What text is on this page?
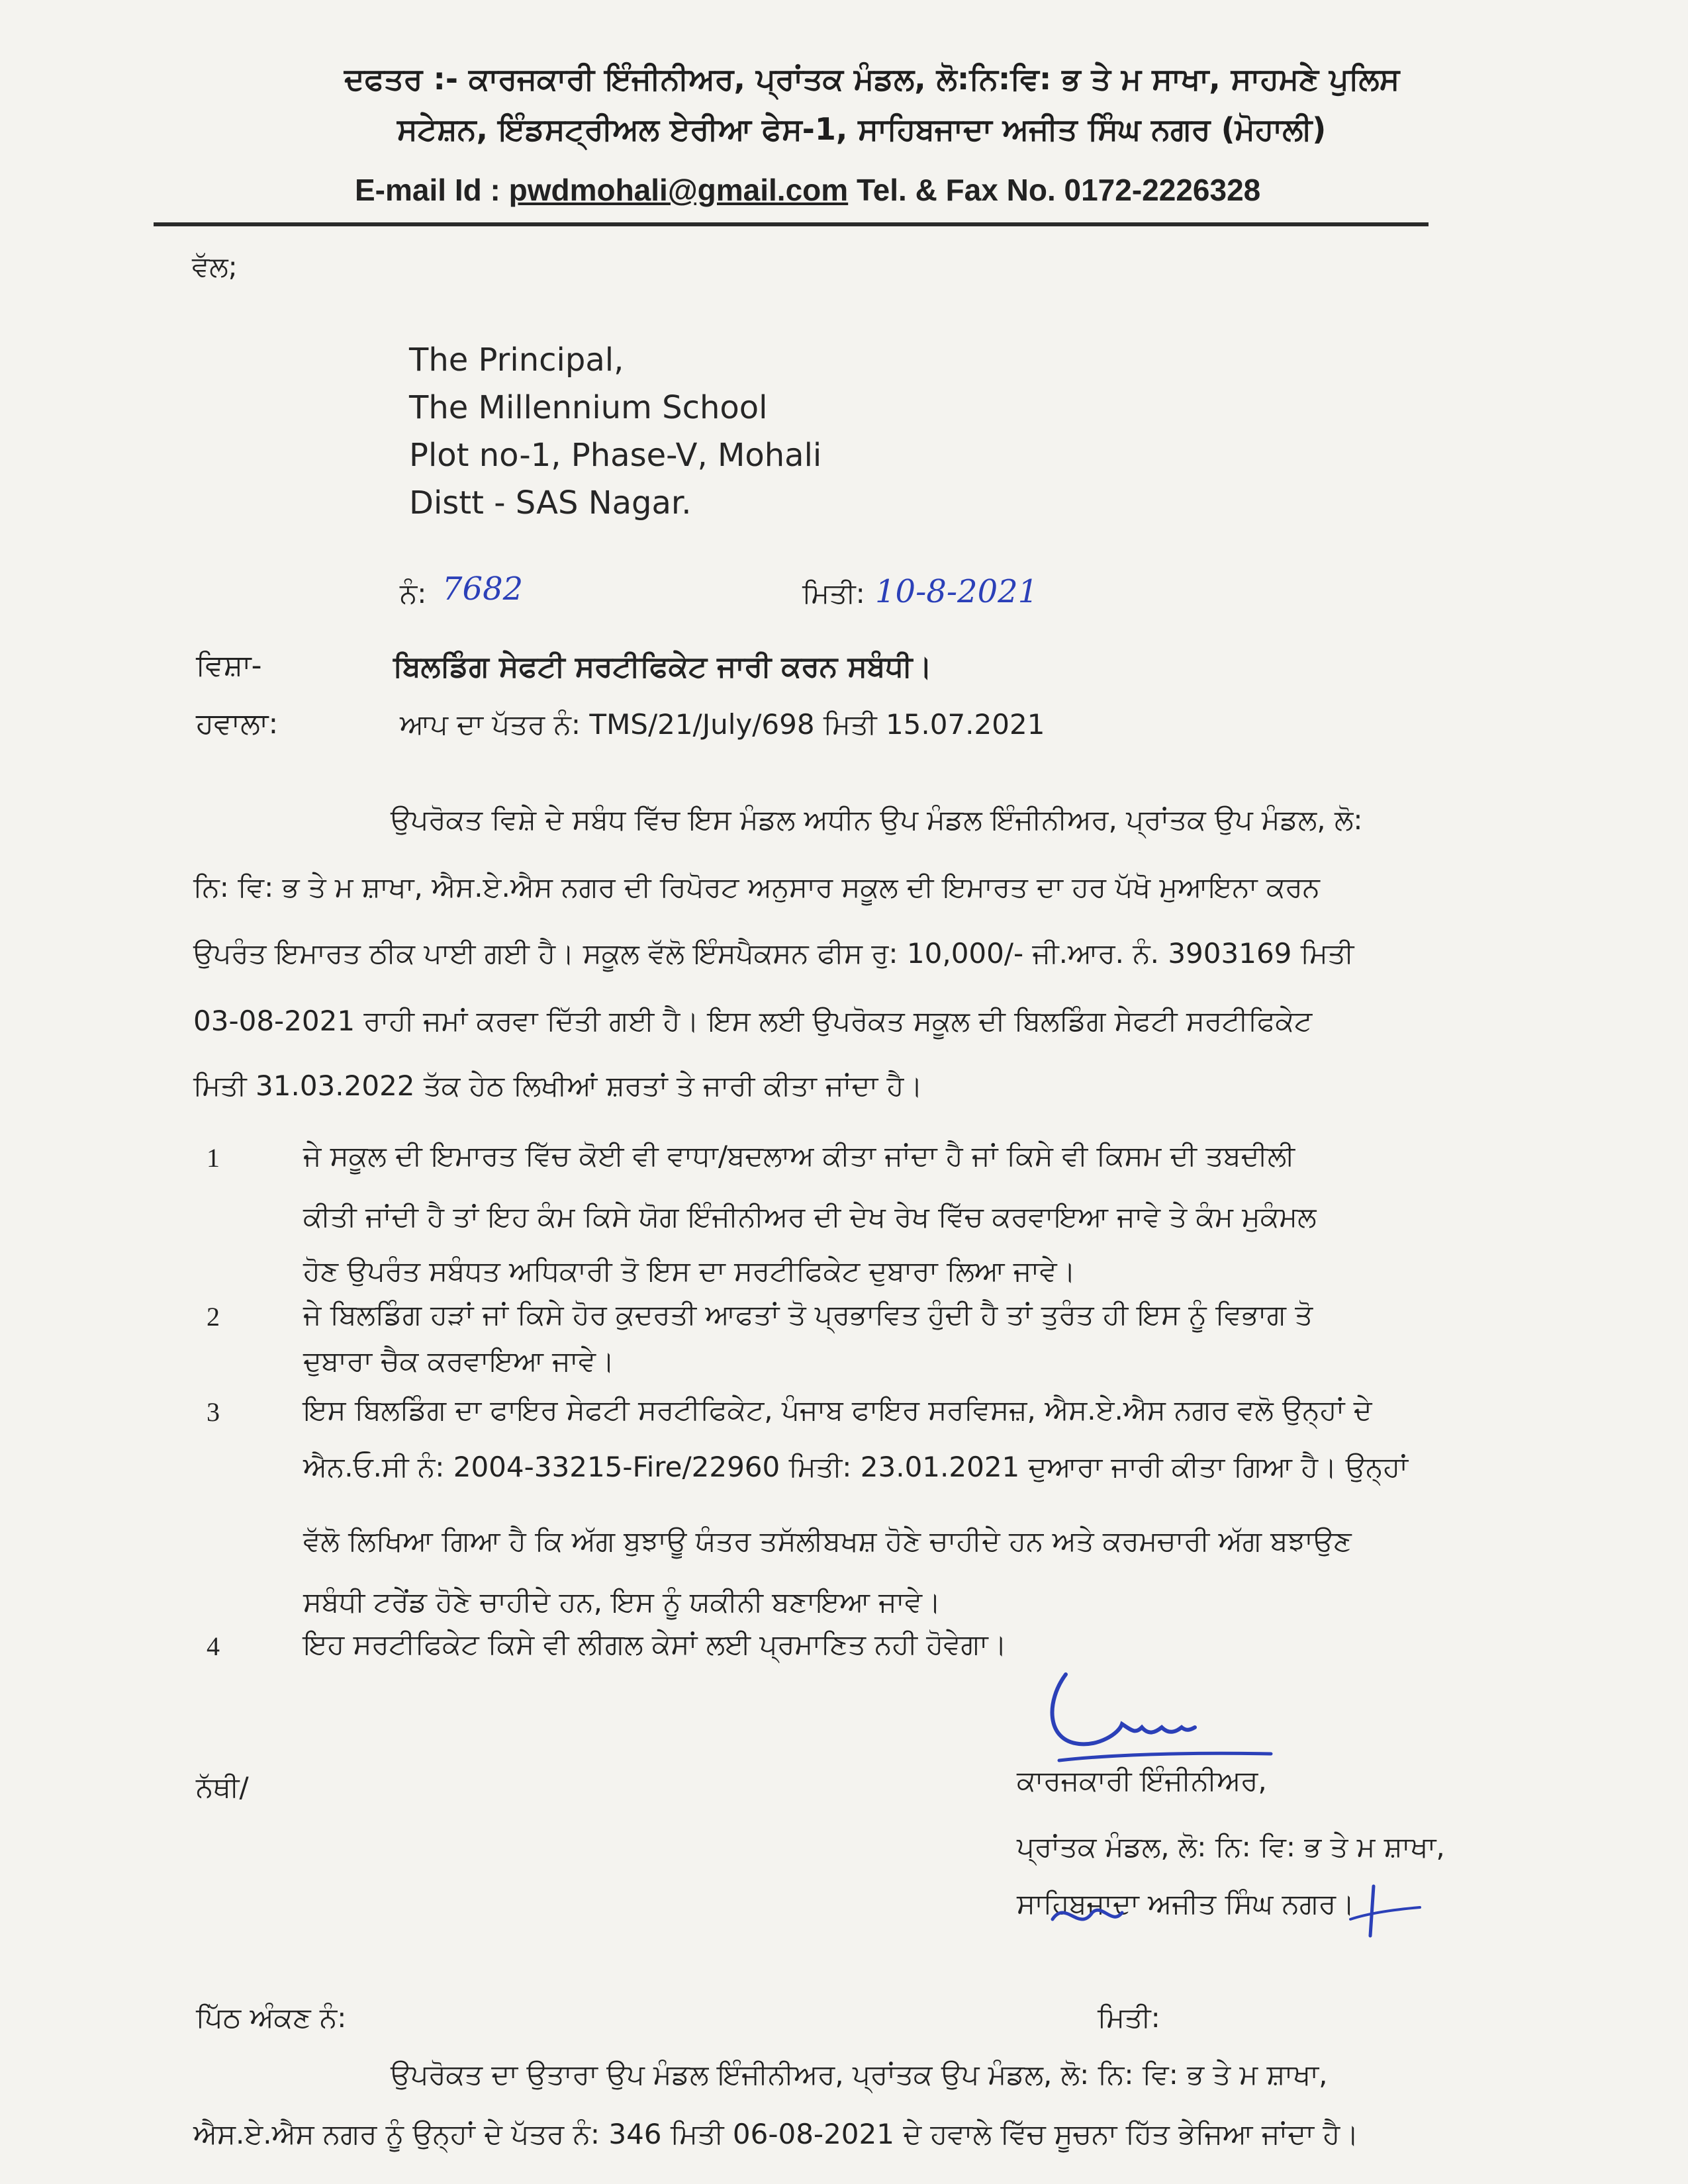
ਦਫਤਰ :- ਕਾਰਜਕਾਰੀ ਇੰਜੀਨੀਅਰ, ਪ੍ਰਾਂਤਕ ਮੰਡਲ, ਲੋ:ਨਿ:ਵਿ: ਭ ਤੇ ਮ ਸਾਖਾ, ਸਾਹਮਣੇ ਪੁਲਿਸ
ਸਟੇਸ਼ਨ, ਇੰਡਸਟ੍ਰੀਅਲ ਏਰੀਆ ਫੇਸ-1, ਸਾਹਿਬਜਾਦਾ ਅਜੀਤ ਸਿੰਘ ਨਗਰ (ਮੋਹਾਲੀ)
E-mail Id : pwdmohali@gmail.com Tel. & Fax No. 0172-2226328
ਵੱਲ;
The Principal,
The Millennium School
Plot no-1, Phase-V, Mohali
Distt - SAS Nagar.
ਨੰ: 7682	ਮਿਤੀ: 10-8-2021
ਵਿਸ਼ਾ-	ਬਿਲਡਿੰਗ ਸੇਫਟੀ ਸਰਟੀਫਿਕੇਟ ਜਾਰੀ ਕਰਨ ਸਬੰਧੀ।
ਹਵਾਲਾ:	ਆਪ ਦਾ ਪੱਤਰ ਨੰ: TMS/21/July/698 ਮਿਤੀ 15.07.2021
ਉਪਰੋਕਤ ਵਿਸ਼ੇ ਦੇ ਸਬੰਧ ਵਿੱਚ ਇਸ ਮੰਡਲ ਅਧੀਨ ਉਪ ਮੰਡਲ ਇੰਜੀਨੀਅਰ, ਪ੍ਰਾਂਤਕ ਉਪ ਮੰਡਲ, ਲੋ:
ਨਿ: ਵਿ: ਭ ਤੇ ਮ ਸ਼ਾਖਾ, ਐਸ.ਏ.ਐਸ ਨਗਰ ਦੀ ਰਿਪੋਰਟ ਅਨੁਸਾਰ ਸਕੂਲ ਦੀ ਇਮਾਰਤ ਦਾ ਹਰ ਪੱਖੋ ਮੁਆਇਨਾ ਕਰਨ
ਉਪਰੰਤ ਇਮਾਰਤ ਠੀਕ ਪਾਈ ਗਈ ਹੈ। ਸਕੂਲ ਵੱਲੋ ਇੰਸਪੈਕਸਨ ਫੀਸ ਰੁ: 10,000/- ਜੀ.ਆਰ. ਨੰ. 3903169 ਮਿਤੀ
03-08-2021 ਰਾਹੀ ਜਮਾਂ ਕਰਵਾ ਦਿੱਤੀ ਗਈ ਹੈ। ਇਸ ਲਈ ਉਪਰੋਕਤ ਸਕੂਲ ਦੀ ਬਿਲਡਿੰਗ ਸੇਫਟੀ ਸਰਟੀਫਿਕੇਟ
ਮਿਤੀ 31.03.2022 ਤੱਕ ਹੇਠ ਲਿਖੀਆਂ ਸ਼ਰਤਾਂ ਤੇ ਜਾਰੀ ਕੀਤਾ ਜਾਂਦਾ ਹੈ।
1	ਜੇ ਸਕੂਲ ਦੀ ਇਮਾਰਤ ਵਿੱਚ ਕੋਈ ਵੀ ਵਾਧਾ/ਬਦਲਾਅ ਕੀਤਾ ਜਾਂਦਾ ਹੈ ਜਾਂ ਕਿਸੇ ਵੀ ਕਿਸਮ ਦੀ ਤਬਦੀਲੀ
ਕੀਤੀ ਜਾਂਦੀ ਹੈ ਤਾਂ ਇਹ ਕੰਮ ਕਿਸੇ ਯੋਗ ਇੰਜੀਨੀਅਰ ਦੀ ਦੇਖ ਰੇਖ ਵਿੱਚ ਕਰਵਾਇਆ ਜਾਵੇ ਤੇ ਕੰਮ ਮੁਕੰਮਲ
ਹੋਣ ਉਪਰੰਤ ਸਬੰਧਤ ਅਧਿਕਾਰੀ ਤੋ ਇਸ ਦਾ ਸਰਟੀਫਿਕੇਟ ਦੁਬਾਰਾ ਲਿਆ ਜਾਵੇ।
2	ਜੇ ਬਿਲਡਿੰਗ ਹੜਾਂ ਜਾਂ ਕਿਸੇ ਹੋਰ ਕੁਦਰਤੀ ਆਫਤਾਂ ਤੋ ਪ੍ਰਭਾਵਿਤ ਹੁੰਦੀ ਹੈ ਤਾਂ ਤੁਰੰਤ ਹੀ ਇਸ ਨੂੰ ਵਿਭਾਗ ਤੋ
ਦੁਬਾਰਾ ਚੈਕ ਕਰਵਾਇਆ ਜਾਵੇ।
3	ਇਸ ਬਿਲਡਿੰਗ ਦਾ ਫਾਇਰ ਸੇਫਟੀ ਸਰਟੀਫਿਕੇਟ, ਪੰਜਾਬ ਫਾਇਰ ਸਰਵਿਸਜ਼, ਐਸ.ਏ.ਐਸ ਨਗਰ ਵਲੋ ਉਨ੍ਹਾਂ ਦੇ
ਐਨ.ਓ.ਸੀ ਨੰ: 2004-33215-Fire/22960 ਮਿਤੀ: 23.01.2021 ਦੁਆਰਾ ਜਾਰੀ ਕੀਤਾ ਗਿਆ ਹੈ। ਉਨ੍ਹਾਂ
ਵੱਲੋ ਲਿਖਿਆ ਗਿਆ ਹੈ ਕਿ ਅੱਗ ਬੁਝਾਊ ਯੰਤਰ ਤਸੱਲੀਬਖਸ਼ ਹੋਣੇ ਚਾਹੀਦੇ ਹਨ ਅਤੇ ਕਰਮਚਾਰੀ ਅੱਗ ਬਝਾਉਣ
ਸਬੰਧੀ ਟਰੇਂਡ ਹੋਣੇ ਚਾਹੀਦੇ ਹਨ, ਇਸ ਨੂੰ ਯਕੀਨੀ ਬਣਾਇਆ ਜਾਵੇ।
4	ਇਹ ਸਰਟੀਫਿਕੇਟ ਕਿਸੇ ਵੀ ਲੀਗਲ ਕੇਸਾਂ ਲਈ ਪ੍ਰਮਾਣਿਤ ਨਹੀ ਹੋਵੇਗਾ।
ਨੱਥੀ/	ਕਾਰਜਕਾਰੀ ਇੰਜੀਨੀਅਰ,
ਪ੍ਰਾਂਤਕ ਮੰਡਲ, ਲੋ: ਨਿ: ਵਿ: ਭ ਤੇ ਮ ਸ਼ਾਖਾ,
ਸਾਹਿਬਜਾਦਾ ਅਜੀਤ ਸਿੰਘ ਨਗਰ।
ਪਿੱਠ ਅੰਕਣ ਨੰ:	ਮਿਤੀ:
ਉਪਰੋਕਤ ਦਾ ਉਤਾਰਾ ਉਪ ਮੰਡਲ ਇੰਜੀਨੀਅਰ, ਪ੍ਰਾਂਤਕ ਉਪ ਮੰਡਲ, ਲੋ: ਨਿ: ਵਿ: ਭ ਤੇ ਮ ਸ਼ਾਖਾ,
ਐਸ.ਏ.ਐਸ ਨਗਰ ਨੂੰ ਉਨ੍ਹਾਂ ਦੇ ਪੱਤਰ ਨੰ: 346 ਮਿਤੀ 06-08-2021 ਦੇ ਹਵਾਲੇ ਵਿੱਚ ਸੂਚਨਾ ਹਿੱਤ ਭੇਜਿਆ ਜਾਂਦਾ ਹੈ।
